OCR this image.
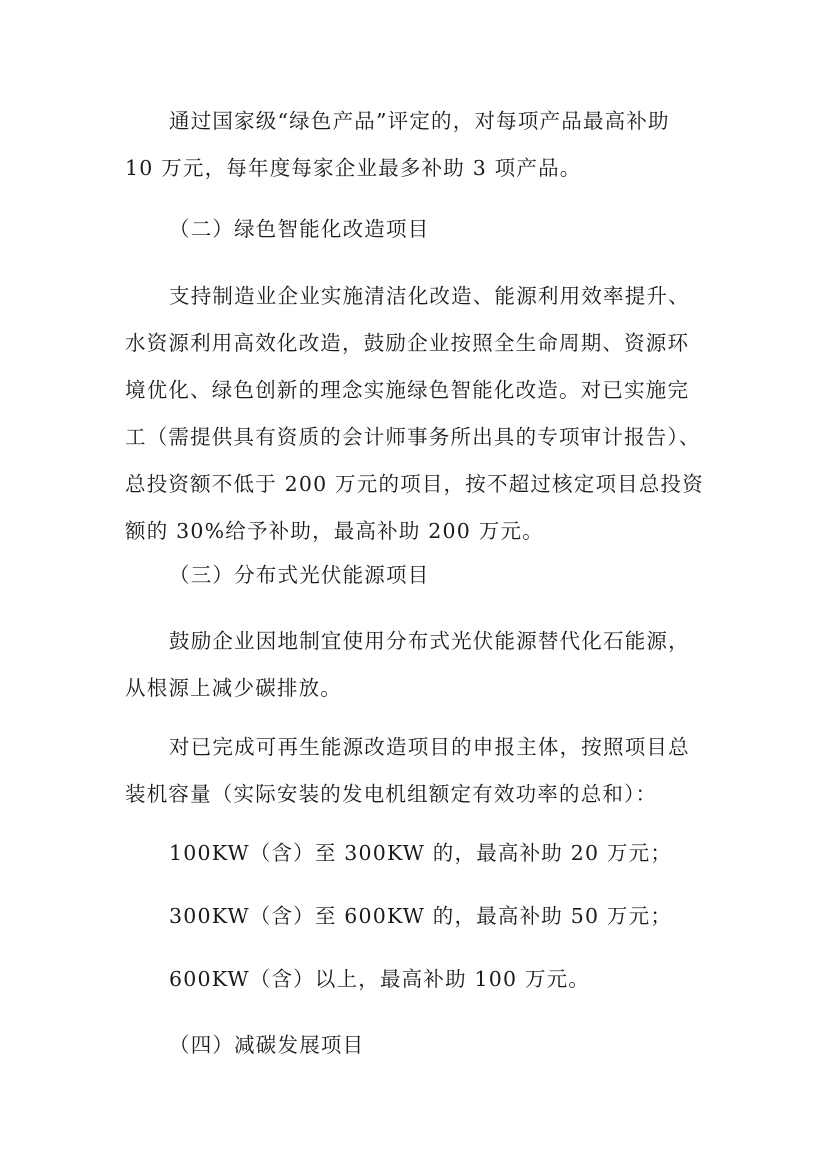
通过国家级“绿色产品”评定的，对每项产品最高补助
10 万元，每年度每家企业最多补助 3 项产品。
（二）绿色智能化改造项目
支持制造业企业实施清洁化改造、能源利用效率提升、
水资源利用高效化改造，鼓励企业按照全生命周期、资源环
境优化、绿色创新的理念实施绿色智能化改造。对已实施完
工（需提供具有资质的会计师事务所出具的专项审计报告）、
总投资额不低于 200 万元的项目，按不超过核定项目总投资
额的 30%给予补助，最高补助 200 万元。
（三）分布式光伏能源项目
鼓励企业因地制宜使用分布式光伏能源替代化石能源，
从根源上减少碳排放。
对已完成可再生能源改造项目的申报主体，按照项目总
装机容量（实际安装的发电机组额定有效功率的总和）：
100KW（含）至 300KW 的，最高补助 20 万元；
300KW（含）至 600KW 的，最高补助 50 万元；
600KW（含）以上，最高补助 100 万元。
（四）减碳发展项目
